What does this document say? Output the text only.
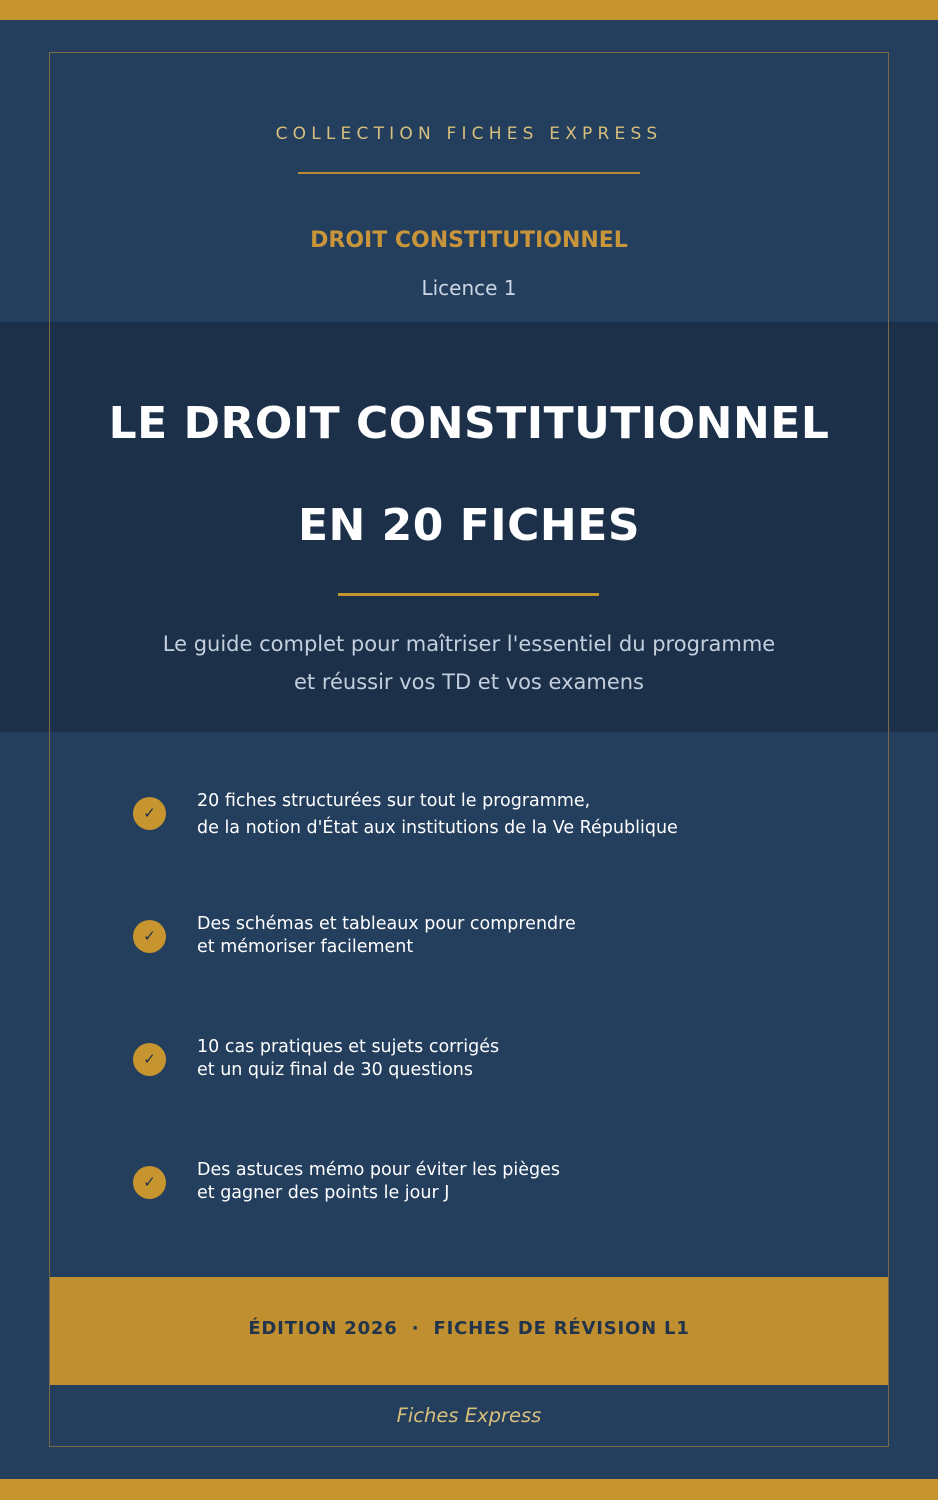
COLLECTION FICHES EXPRESS
DROIT CONSTITUTIONNEL
Licence 1
LE DROIT CONSTITUTIONNEL
EN 20 FICHES
Le guide complet pour maîtriser l'essentiel du programme
et réussir vos TD et vos examens
✓
20 fiches structurées sur tout le programme,
de la notion d'État aux institutions de la Ve République
✓
Des schémas et tableaux pour comprendre
et mémoriser facilement
✓
10 cas pratiques et sujets corrigés
et un quiz final de 30 questions
✓
Des astuces mémo pour éviter les pièges
et gagner des points le jour J
ÉDITION 2026  ·  FICHES DE RÉVISION L1
Fiches Express
